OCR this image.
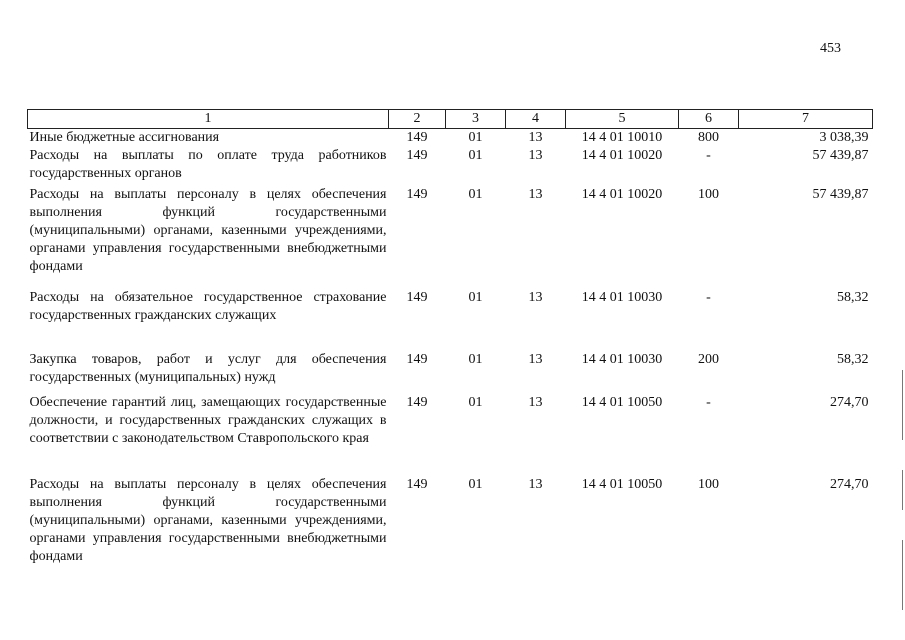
453
1	2	3	4	5	6	7

Иные бюджетные ассигнования	149	01	13	14 4 01 10010	800	3 038,39

Расходы на выплаты по оплате труда работников государственных органов	149	01	13	14 4 01 10020	-	57 439,87

Расходы на выплаты персоналу в целях обеспечения выполнения функций государственными (муниципальными) органами, казенными учреждениями, органами управления государственными внебюджетными фондами	149	01	13	14 4 01 10020	100	57 439,87

Расходы на обязательное государственное страхование государственных гражданских служащих	149	01	13	14 4 01 10030	-	58,32

Закупка товаров, работ и услуг для обеспечения государственных (муниципальных) нужд	149	01	13	14 4 01 10030	200	58,32

Обеспечение гарантий лиц, замещающих государственные должности, и государственных гражданских служащих в соответствии с законодательством Ставропольского края	149	01	13	14 4 01 10050	-	274,70

Расходы на выплаты персоналу в целях обеспечения выполнения функций государственными (муниципальными) органами, казенными учреждениями, органами управления государственными внебюджетными фондами	149	01	13	14 4 01 10050	100	274,70
